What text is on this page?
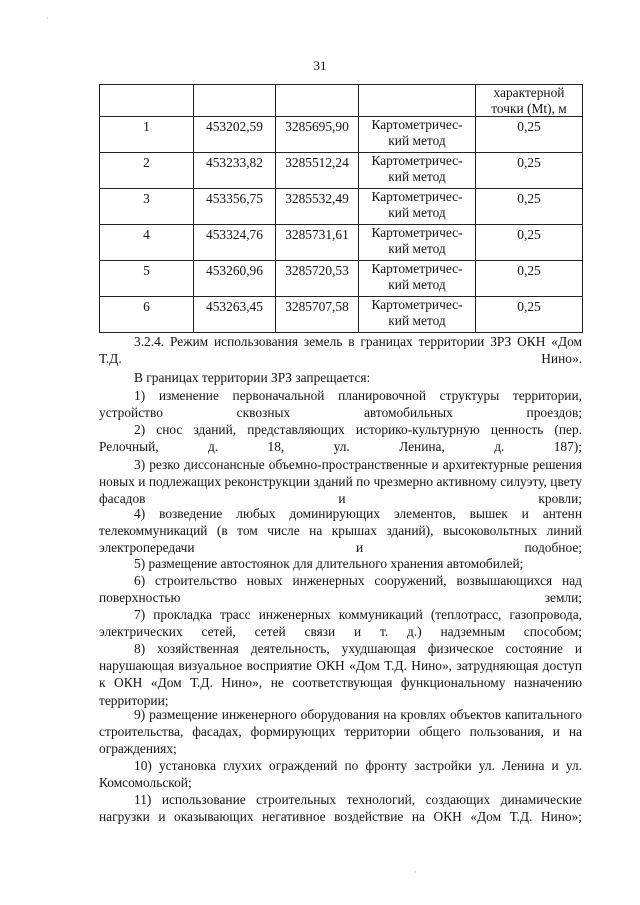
31
				характерной точки (Mt), м
1	453202,59	3285695,90	Картометричес-кий метод	0,25
2	453233,82	3285512,24	Картометричес-кий метод	0,25
3	453356,75	3285532,49	Картометричес-кий метод	0,25
4	453324,76	3285731,61	Картометричес-кий метод	0,25
5	453260,96	3285720,53	Картометричес-кий метод	0,25
6	453263,45	3285707,58	Картометричес-кий метод	0,25
3.2.4. Режим использования земель в границах территории ЗРЗ ОКН «Дом Т.Д. Нино».
В границах территории ЗРЗ запрещается:
1) изменение первоначальной планировочной структуры территории, устройство сквозных автомобильных проездов;
2) снос зданий, представляющих историко-культурную ценность (пер. Релочный, д. 18, ул. Ленина, д. 187);
3) резко диссонансные объемно-пространственные и архитектурные решения новых и подлежащих реконструкции зданий по чрезмерно активному силуэту, цвету фасадов и кровли;
4) возведение любых доминирующих элементов, вышек и антенн телекоммуникаций (в том числе на крышах зданий), высоковольтных линий электропередачи и подобное;
5) размещение автостоянок для длительного хранения автомобилей;
6) строительство новых инженерных сооружений, возвышающихся над поверхностью земли;
7) прокладка трасс инженерных коммуникаций (теплотрасс, газопровода, электрических сетей, сетей связи и т. д.) надземным способом;
8) хозяйственная деятельность, ухудшающая физическое состояние и нарушающая визуальное восприятие ОКН «Дом Т.Д. Нино», затрудняющая доступ к ОКН «Дом Т.Д. Нино», не соответствующая функциональному назначению территории;
9) размещение инженерного оборудования на кровлях объектов капитального строительства, фасадах, формирующих территории общего пользования, и на ограждениях;
10) установка глухих ограждений по фронту застройки ул. Ленина и ул. Комсомольской;
11) использование строительных технологий, создающих динамические нагрузки и оказывающих негативное воздействие на ОКН «Дом Т.Д. Нино»;
·
·
